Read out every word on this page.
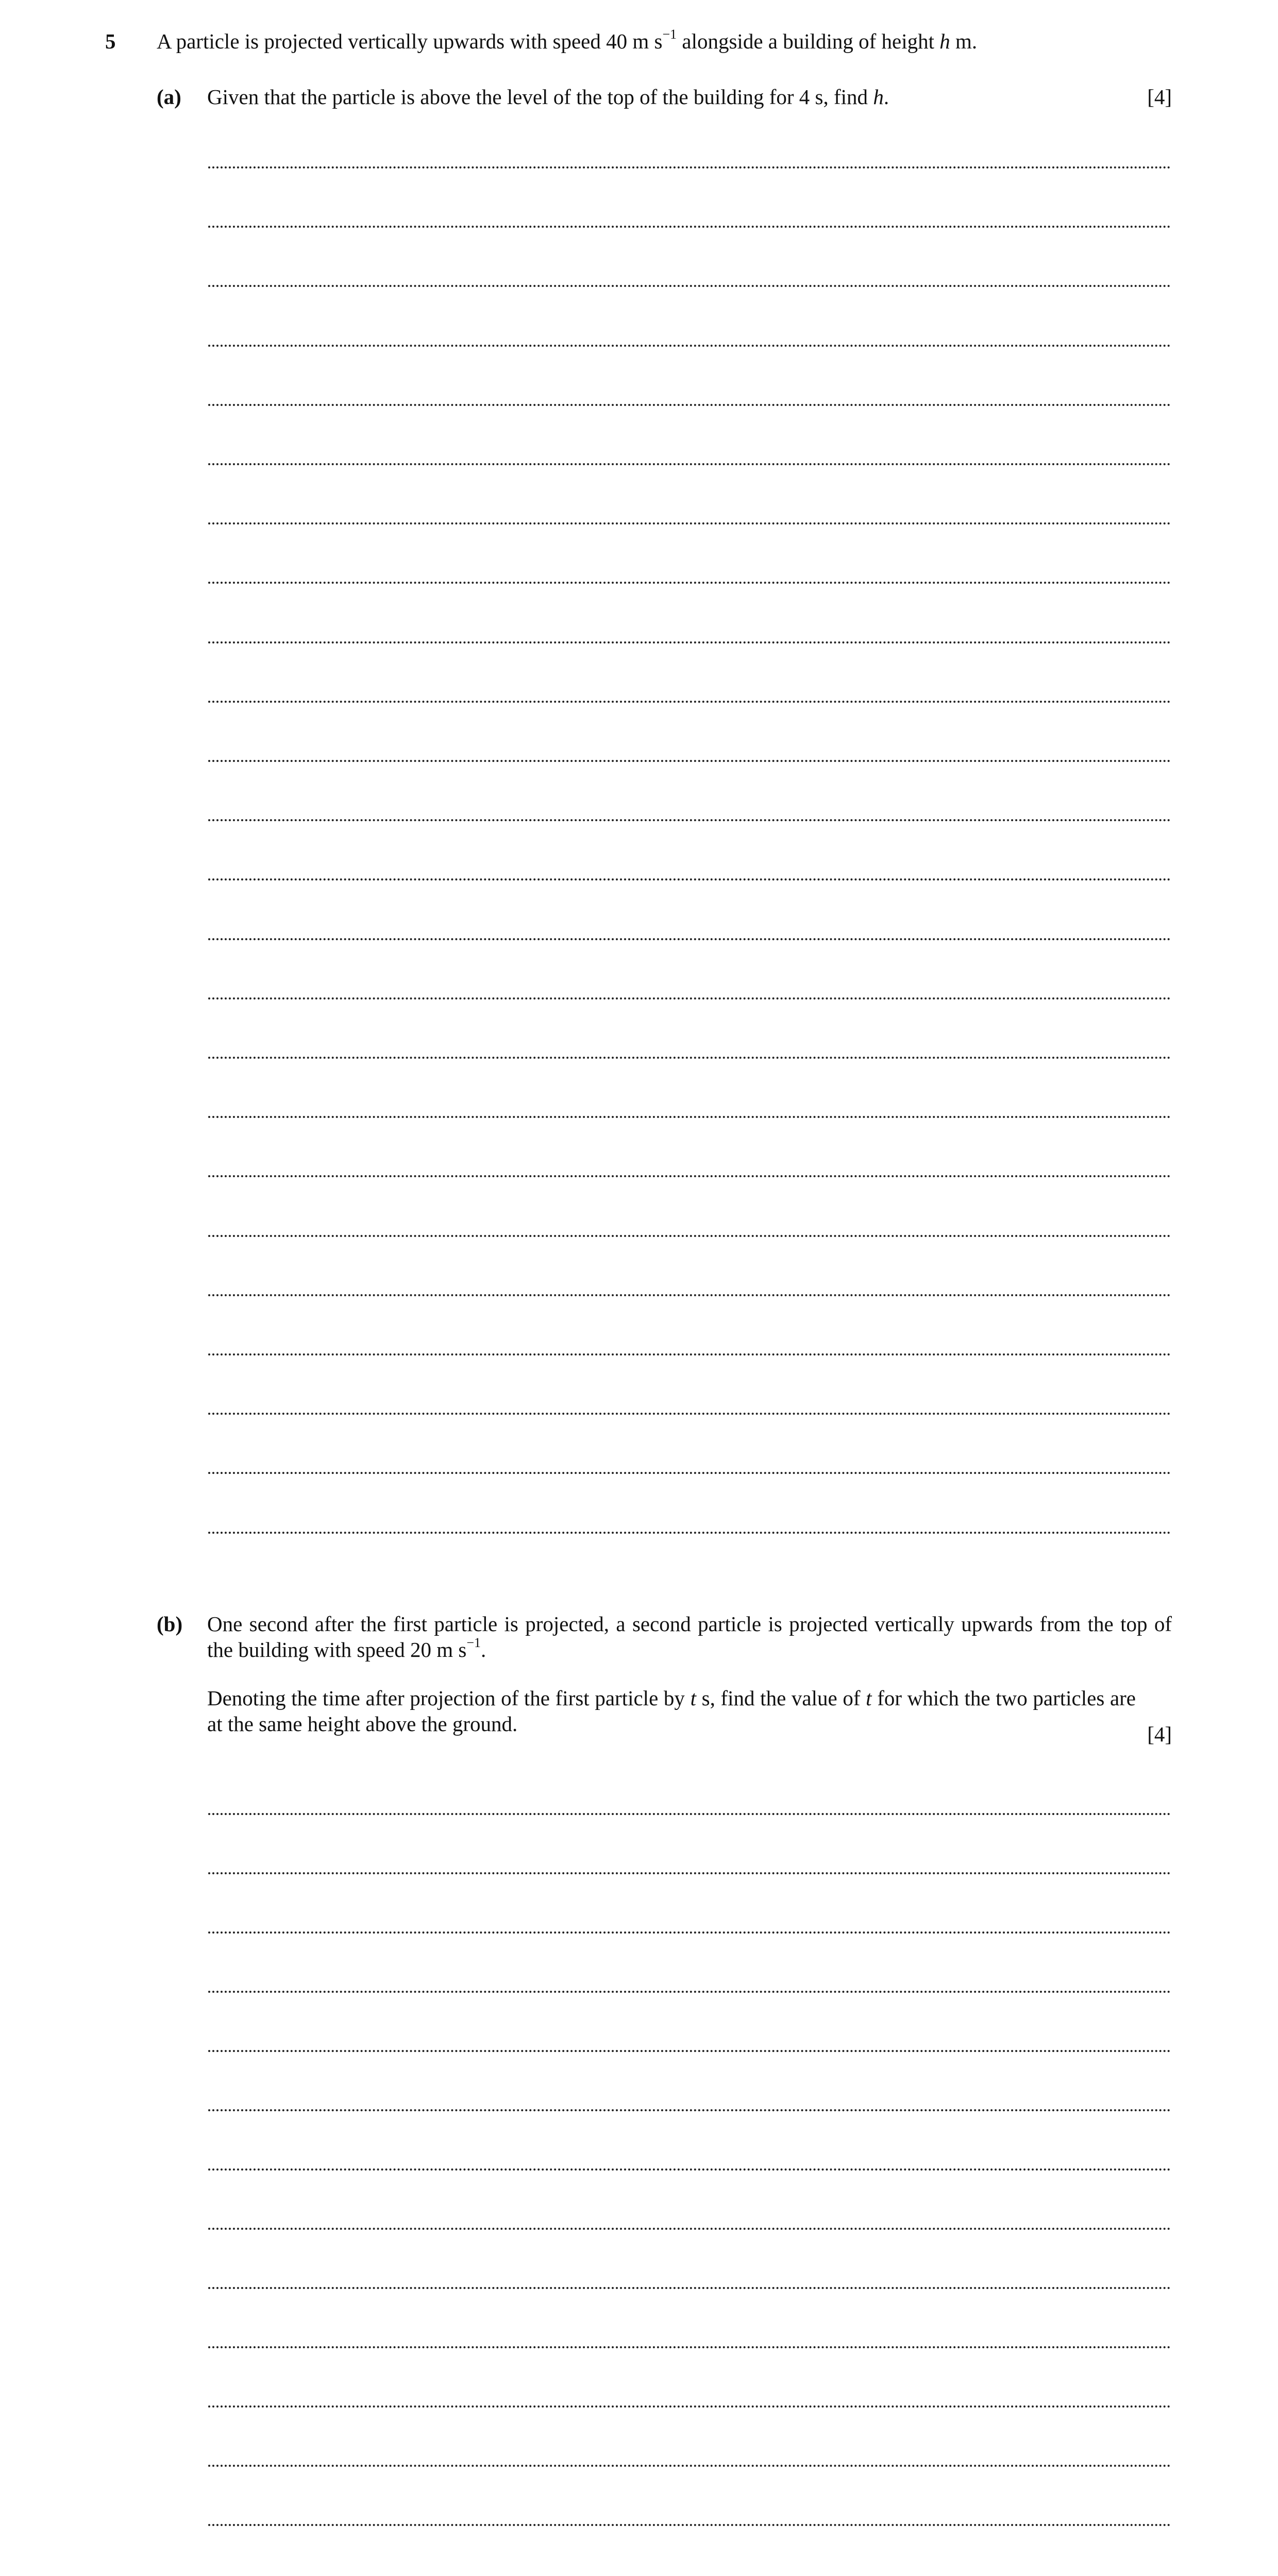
5 A particle is projected vertically upwards with speed 40 m $s^{-1}$ alongside a building of height h m.
(a) Given that the particle is above the level of the top of the building for 4 s, find h.	[4]
(b) One second after the first particle is projected, a second particle is projected vertically upwards from the top of the building with speed 20 m $s^{-1}$.

Denoting the time after projection of the first particle by t s, find the value of t for which the two particles are at the same height above the ground.	[4]
